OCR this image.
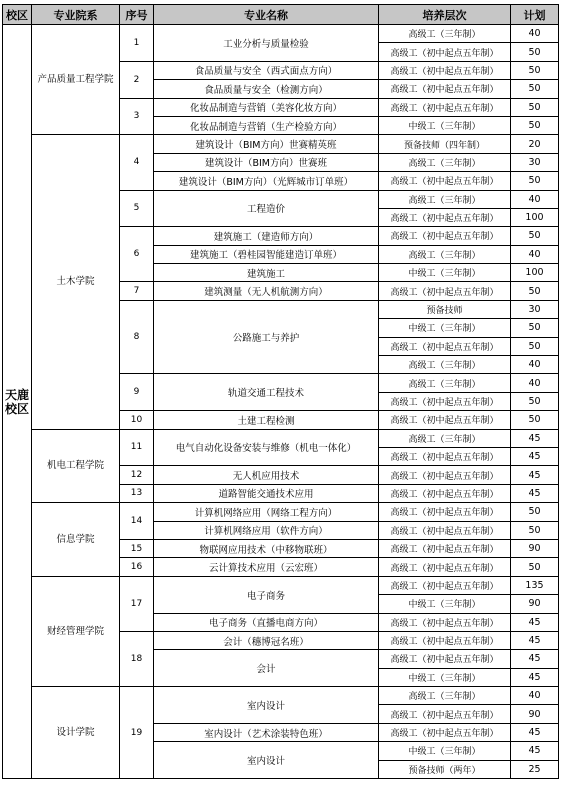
校区	专业院系	序号	专业名称	培养层次	计划
天鹿校区	产品质量工程学院	1	工业分析与质量检验	高级工（三年制）	40
				高级工（初中起点五年制）	50
		2	食品质量与安全（西式面点方向）	高级工（初中起点五年制）	50
			食品质量与安全（检测方向）	高级工（初中起点五年制）	50
		3	化妆品制造与营销（美容化妆方向）	高级工（初中起点五年制）	50
			化妆品制造与营销（生产检验方向）	中级工（三年制）	50
	土木学院	4	建筑设计（BIM方向）世赛精英班	预备技师（四年制）	20
			建筑设计（BIM方向）世赛班	高级工（三年制）	30
			建筑设计（BIM方向）（光辉城市订单班）	高级工（初中起点五年制）	50
		5	工程造价	高级工（三年制）	40
				高级工（初中起点五年制）	100
		6	建筑施工（建造师方向）	高级工（初中起点五年制）	50
			建筑施工（碧桂园智能建造订单班）	高级工（三年制）	40
			建筑施工	中级工（三年制）	100
		7	建筑测量（无人机航测方向）	高级工（初中起点五年制）	50
		8	公路施工与养护	预备技师	30
				中级工（三年制）	50
				高级工（初中起点五年制）	50
				高级工（三年制）	40
		9	轨道交通工程技术	高级工（三年制）	40
				高级工（初中起点五年制）	50
		10	土建工程检测	高级工（初中起点五年制）	50
	机电工程学院	11	电气自动化设备安装与维修（机电一体化）	高级工（三年制）	45
				高级工（初中起点五年制）	45
		12	无人机应用技术	高级工（初中起点五年制）	45
		13	道路智能交通技术应用	高级工（初中起点五年制）	45
	信息学院	14	计算机网络应用（网络工程方向）	高级工（初中起点五年制）	50
			计算机网络应用（软件方向）	高级工（初中起点五年制）	50
		15	物联网应用技术（中移物联班）	高级工（初中起点五年制）	90
		16	云计算技术应用（云宏班）	高级工（初中起点五年制）	50
	财经管理学院	17	电子商务	高级工（初中起点五年制）	135
				中级工（三年制）	90
			电子商务（直播电商方向）	高级工（初中起点五年制）	45
		18	会计（穗博冠名班）	高级工（初中起点五年制）	45
			会计	高级工（初中起点五年制）	45
				中级工（三年制）	45
	设计学院	19	室内设计	高级工（三年制）	40
				高级工（初中起点五年制）	90
			室内设计（艺术涂装特色班）	高级工（初中起点五年制）	45
			室内设计	中级工（三年制）	45
				预备技师（两年）	25
